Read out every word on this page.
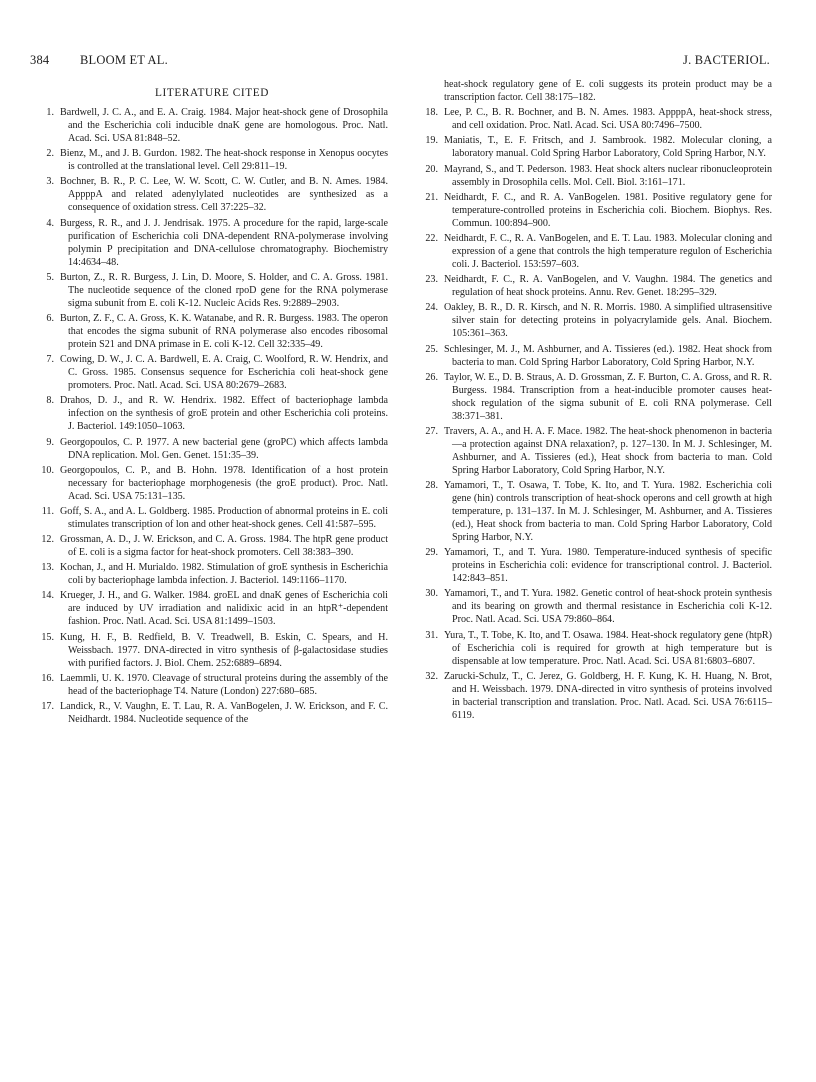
384 BLOOM ET AL.	J. BACTERIOL.
LITERATURE CITED
1. Bardwell, J. C. A., and E. A. Craig. 1984. Major heat-shock gene of Drosophila and the Escherichia coli inducible dnaK gene are homologous. Proc. Natl. Acad. Sci. USA 81:848–52.
2. Bienz, M., and J. B. Gurdon. 1982. The heat-shock response in Xenopus oocytes is controlled at the translational level. Cell 29:811–19.
3. Bochner, B. R., P. C. Lee, W. W. Scott, C. W. Cutler, and B. N. Ames. 1984. AppppA and related adenylylated nucleotides are synthesized as a consequence of oxidation stress. Cell 37:225–32.
4. Burgess, R. R., and J. J. Jendrisak. 1975. A procedure for the rapid, large-scale purification of Escherichia coli DNA-dependent RNA-polymerase involving polymin P precipitation and DNA-cellulose chromatography. Biochemistry 14:4634–48.
5. Burton, Z., R. R. Burgess, J. Lin, D. Moore, S. Holder, and C. A. Gross. 1981. The nucleotide sequence of the cloned rpoD gene for the RNA polymerase sigma subunit from E. coli K-12. Nucleic Acids Res. 9:2889–2903.
6. Burton, Z. F., C. A. Gross, K. K. Watanabe, and R. R. Burgess. 1983. The operon that encodes the sigma subunit of RNA polymerase also encodes ribosomal protein S21 and DNA primase in E. coli K-12. Cell 32:335–49.
7. Cowing, D. W., J. C. A. Bardwell, E. A. Craig, C. Woolford, R. W. Hendrix, and C. Gross. 1985. Consensus sequence for Escherichia coli heat-shock gene promoters. Proc. Natl. Acad. Sci. USA 80:2679–2683.
8. Drahos, D. J., and R. W. Hendrix. 1982. Effect of bacteriophage lambda infection on the synthesis of groE protein and other Escherichia coli proteins. J. Bacteriol. 149:1050–1063.
9. Georgopoulos, C. P. 1977. A new bacterial gene (groPC) which affects lambda DNA replication. Mol. Gen. Genet. 151:35–39.
10. Georgopoulos, C. P., and B. Hohn. 1978. Identification of a host protein necessary for bacteriophage morphogenesis (the groE product). Proc. Natl. Acad. Sci. USA 75:131–135.
11. Goff, S. A., and A. L. Goldberg. 1985. Production of abnormal proteins in E. coli stimulates transcription of lon and other heat-shock genes. Cell 41:587–595.
12. Grossman, A. D., J. W. Erickson, and C. A. Gross. 1984. The htpR gene product of E. coli is a sigma factor for heat-shock promoters. Cell 38:383–390.
13. Kochan, J., and H. Murialdo. 1982. Stimulation of groE synthesis in Escherichia coli by bacteriophage lambda infection. J. Bacteriol. 149:1166–1170.
14. Krueger, J. H., and G. Walker. 1984. groEL and dnaK genes of Escherichia coli are induced by UV irradiation and nalidixic acid in an htpR⁺-dependent fashion. Proc. Natl. Acad. Sci. USA 81:1499–1503.
15. Kung, H. F., B. Redfield, B. V. Treadwell, B. Eskin, C. Spears, and H. Weissbach. 1977. DNA-directed in vitro synthesis of β-galactosidase studies with purified factors. J. Biol. Chem. 252:6889–6894.
16. Laemmli, U. K. 1970. Cleavage of structural proteins during the assembly of the head of the bacteriophage T4. Nature (London) 227:680–685.
17. Landick, R., V. Vaughn, E. T. Lau, R. A. VanBogelen, J. W. Erickson, and F. C. Neidhardt. 1984. Nucleotide sequence of the
heat-shock regulatory gene of E. coli suggests its protein product may be a transcription factor. Cell 38:175–182.
18. Lee, P. C., B. R. Bochner, and B. N. Ames. 1983. AppppA, heat-shock stress, and cell oxidation. Proc. Natl. Acad. Sci. USA 80:7496–7500.
19. Maniatis, T., E. F. Fritsch, and J. Sambrook. 1982. Molecular cloning, a laboratory manual. Cold Spring Harbor Laboratory, Cold Spring Harbor, N.Y.
20. Mayrand, S., and T. Pederson. 1983. Heat shock alters nuclear ribonucleoprotein assembly in Drosophila cells. Mol. Cell. Biol. 3:161–171.
21. Neidhardt, F. C., and R. A. VanBogelen. 1981. Positive regulatory gene for temperature-controlled proteins in Escherichia coli. Biochem. Biophys. Res. Commun. 100:894–900.
22. Neidhardt, F. C., R. A. VanBogelen, and E. T. Lau. 1983. Molecular cloning and expression of a gene that controls the high temperature regulon of Escherichia coli. J. Bacteriol. 153:597–603.
23. Neidhardt, F. C., R. A. VanBogelen, and V. Vaughn. 1984. The genetics and regulation of heat shock proteins. Annu. Rev. Genet. 18:295–329.
24. Oakley, B. R., D. R. Kirsch, and N. R. Morris. 1980. A simplified ultrasensitive silver stain for detecting proteins in polyacrylamide gels. Anal. Biochem. 105:361–363.
25. Schlesinger, M. J., M. Ashburner, and A. Tissieres (ed.). 1982. Heat shock from bacteria to man. Cold Spring Harbor Laboratory, Cold Spring Harbor, N.Y.
26. Taylor, W. E., D. B. Straus, A. D. Grossman, Z. F. Burton, C. A. Gross, and R. R. Burgess. 1984. Transcription from a heat-inducible promoter causes heat-shock regulation of the sigma subunit of E. coli RNA polymerase. Cell 38:371–381.
27. Travers, A. A., and H. A. F. Mace. 1982. The heat-shock phenomenon in bacteria—a protection against DNA relaxation?, p. 127–130. In M. J. Schlesinger, M. Ashburner, and A. Tissieres (ed.), Heat shock from bacteria to man. Cold Spring Harbor Laboratory, Cold Spring Harbor, N.Y.
28. Yamamori, T., T. Osawa, T. Tobe, K. Ito, and T. Yura. 1982. Escherichia coli gene (hin) controls transcription of heat-shock operons and cell growth at high temperature, p. 131–137. In M. J. Schlesinger, M. Ashburner, and A. Tissieres (ed.), Heat shock from bacteria to man. Cold Spring Harbor Laboratory, Cold Spring Harbor, N.Y.
29. Yamamori, T., and T. Yura. 1980. Temperature-induced synthesis of specific proteins in Escherichia coli: evidence for transcriptional control. J. Bacteriol. 142:843–851.
30. Yamamori, T., and T. Yura. 1982. Genetic control of heat-shock protein synthesis and its bearing on growth and thermal resistance in Escherichia coli K-12. Proc. Natl. Acad. Sci. USA 79:860–864.
31. Yura, T., T. Tobe, K. Ito, and T. Osawa. 1984. Heat-shock regulatory gene (htpR) of Escherichia coli is required for growth at high temperature but is dispensable at low temperature. Proc. Natl. Acad. Sci. USA 81:6803–6807.
32. Zarucki-Schulz, T., C. Jerez, G. Goldberg, H. F. Kung, K. H. Huang, N. Brot, and H. Weissbach. 1979. DNA-directed in vitro synthesis of proteins involved in bacterial transcription and translation. Proc. Natl. Acad. Sci. USA 76:6115–6119.
